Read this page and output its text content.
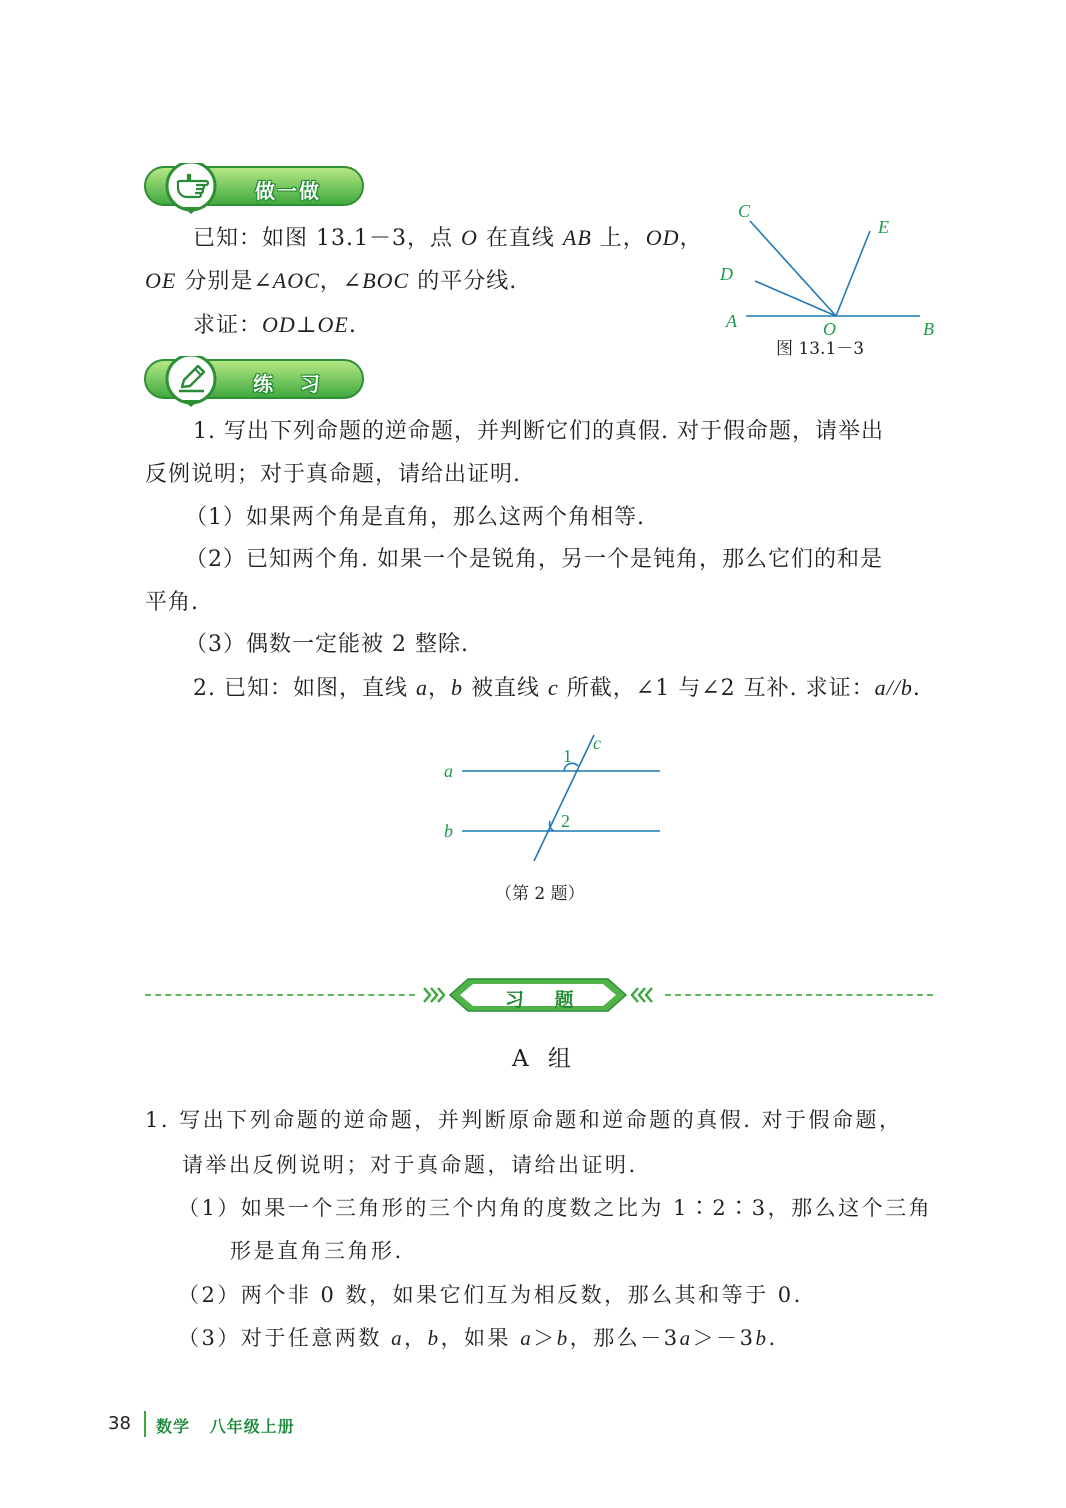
做一做
已知：如图 13.1－3，点 O 在直线 AB 上，OD，
OE 分别是∠AOC，∠BOC 的平分线.
求证：OD⊥OE.
C
E
D
A	O	B
图 13.1－3
练 习
1. 写出下列命题的逆命题，并判断它们的真假. 对于假命题，请举出
反例说明；对于真命题，请给出证明.
（1）如果两个角是直角，那么这两个角相等.
（2）已知两个角. 如果一个是锐角，另一个是钝角，那么它们的和是
平角.
（3）偶数一定能被 2 整除.
2. 已知：如图，直线 a，b 被直线 c 所截，∠1 与∠2 互补. 求证：a//b.
a
b
c
1
2
（第 2 题）
习 题
A 组
1. 写出下列命题的逆命题，并判断原命题和逆命题的真假. 对于假命题，
请举出反例说明；对于真命题，请给出证明.
（1）如果一个三角形的三个内角的度数之比为 1∶2∶3，那么这个三角
形是直角三角形.
（2）两个非 0 数，如果它们互为相反数，那么其和等于 0.
（3）对于任意两数 a，b，如果 a＞b，那么－3a＞－3b.
38 数学   八年级上册
